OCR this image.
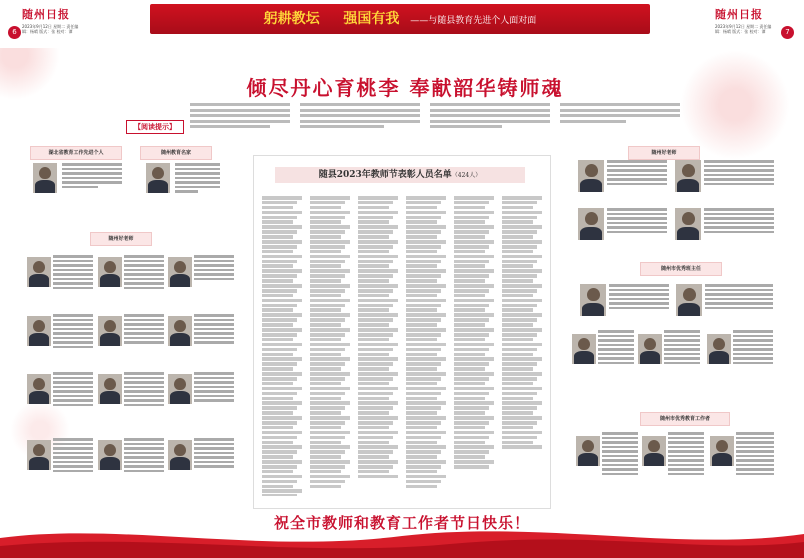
随州日报
2023年9月12日 星期二 责任编辑：杨晴 版式：张 校对：谭
6
随州日报
2023年9月12日 星期二 责任编辑：杨晴 版式：张 校对：谭	7
躬耕教坛 强国有我 ——与随县教育先进个人面对面
倾尽丹心育桃李 奉献韶华铸师魂
【阅读提示】
湖北省教育工作先进个人	随州教育名家
随州好老师
随县2023年教师节表彰人员名单（424人）
随州好老师
随州市优秀班主任
随州市优秀教育工作者
祝全市教师和教育工作者节日快乐！
